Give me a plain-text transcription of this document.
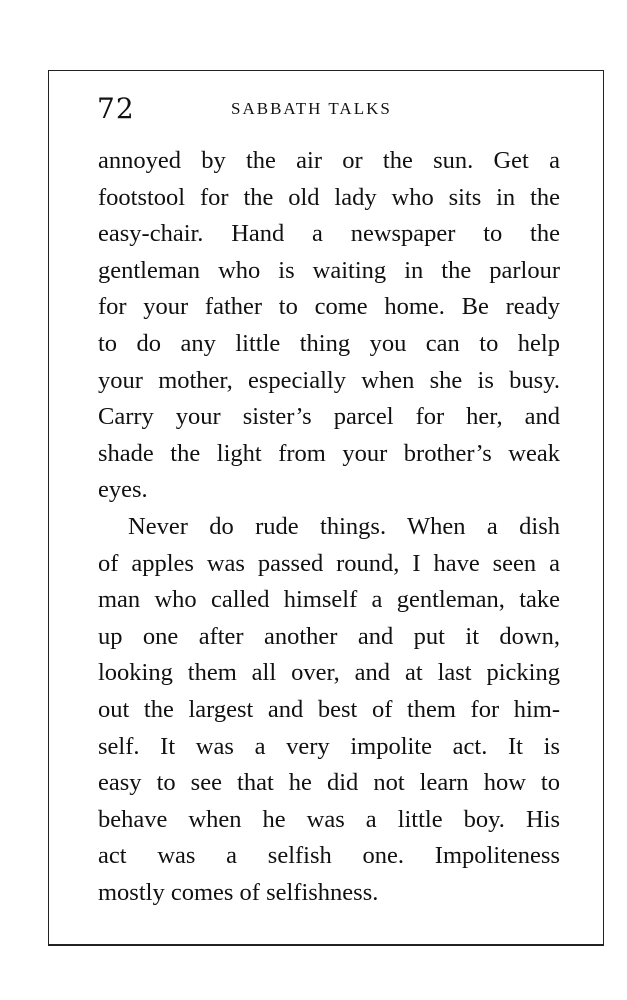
72	SABBATH TALKS
annoyed by the air or the sun. Get a
footstool for the old lady who sits in the
easy-chair. Hand a newspaper to the
gentleman who is waiting in the parlour
for your father to come home. Be ready
to do any little thing you can to help
your mother, especially when she is busy.
Carry your sister’s parcel for her, and
shade the light from your brother’s weak
eyes.
Never do rude things. When a dish
of apples was passed round, I have seen a
man who called himself a gentleman, take
up one after another and put it down,
looking them all over, and at last picking
out the largest and best of them for him-
self. It was a very impolite act. It is
easy to see that he did not learn how to
behave when he was a little boy. His
act was a selfish one. Impoliteness
mostly comes of selfishness.
